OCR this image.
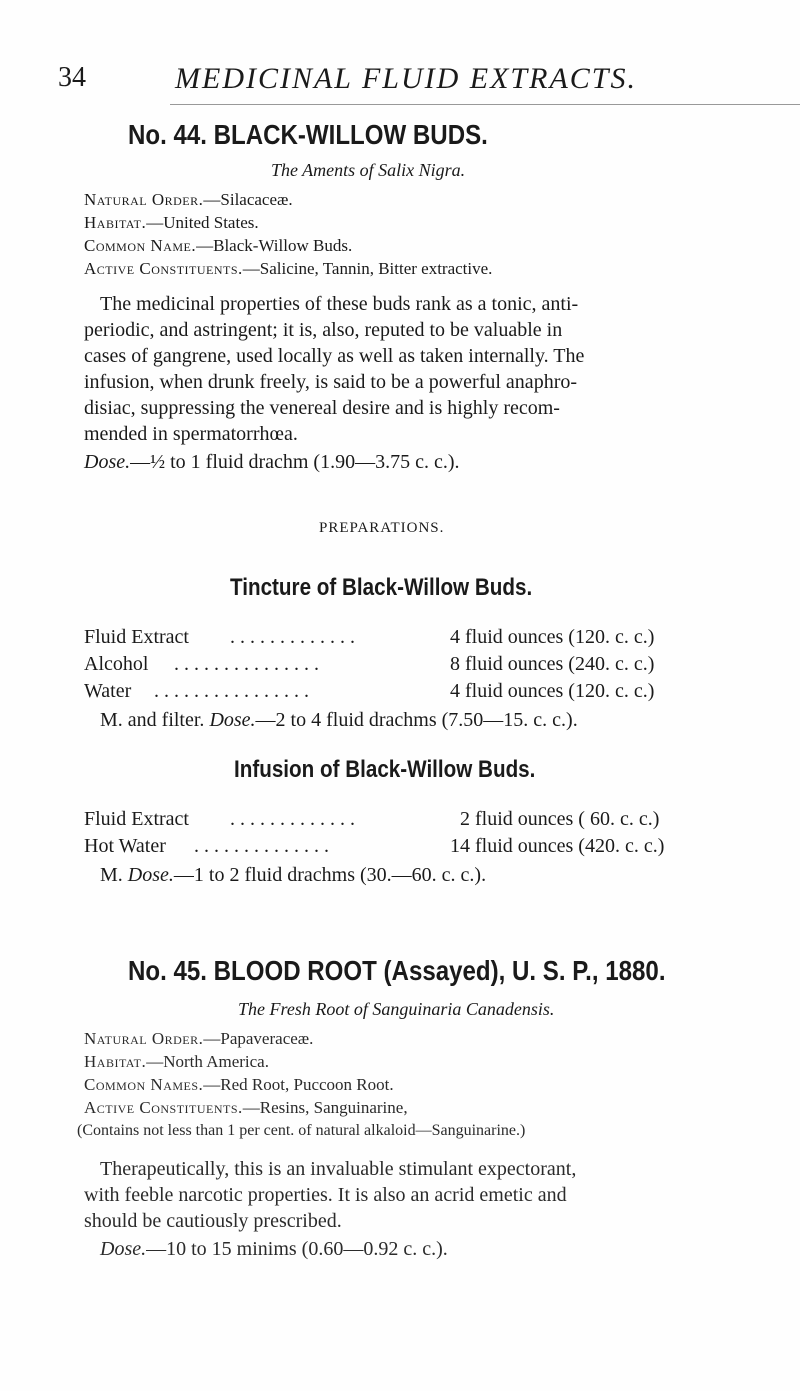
34	MEDICINAL FLUID EXTRACTS.
No. 44. BLACK-WILLOW BUDS.
The Aments of Salix Nigra.
Natural Order.—Silacaceæ.
Habitat.—United States.
Common Name.—Black-Willow Buds.
Active Constituents.—Salicine, Tannin, Bitter extractive.
The medicinal properties of these buds rank as a tonic, anti-
periodic, and astringent; it is, also, reputed to be valuable in
cases of gangrene, used locally as well as taken internally. The
infusion, when drunk freely, is said to be a powerful anaphro-
disiac, suppressing the venereal desire and is highly recom-
mended in spermatorrhœa.
Dose.—½ to 1 fluid drachm (1.90—3.75 c. c.).
PREPARATIONS.
Tincture of Black-Willow Buds.
Fluid Extract . . . . . . . . . . . . .	4 fluid ounces (120. c. c.)
Alcohol . . . . . . . . . . . . . . .	8 fluid ounces (240. c. c.)
Water . . . . . . . . . . . . . . . .	4 fluid ounces (120. c. c.)
M. and filter. Dose.—2 to 4 fluid drachms (7.50—15. c. c.).
Infusion of Black-Willow Buds.
Fluid Extract . . . . . . . . . . . . .	2 fluid ounces ( 60. c. c.)
Hot Water . . . . . . . . . . . . . .	14 fluid ounces (420. c. c.)
M. Dose.—1 to 2 fluid drachms (30.—60. c. c.).
No. 45. BLOOD ROOT (Assayed), U. S. P., 1880.
The Fresh Root of Sanguinaria Canadensis.
Natural Order.—Papaveraceæ.
Habitat.—North America.
Common Names.—Red Root, Puccoon Root.
Active Constituents.—Resins, Sanguinarine,
(Contains not less than 1 per cent. of natural alkaloid—Sanguinarine.)
Therapeutically, this is an invaluable stimulant expectorant,
with feeble narcotic properties. It is also an acrid emetic and
should be cautiously prescribed.
Dose.—10 to 15 minims (0.60—0.92 c. c.).
